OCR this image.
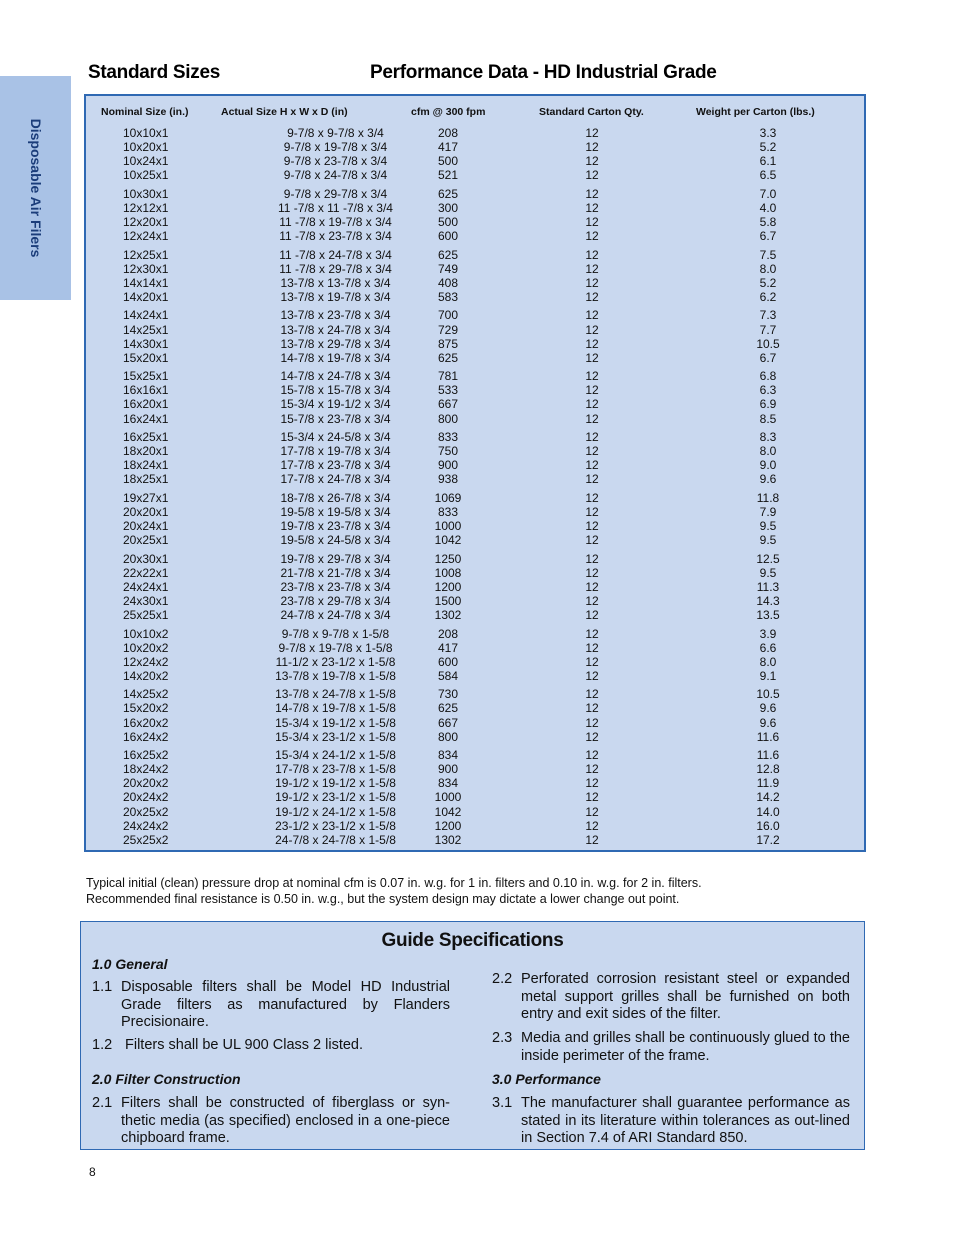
Disposable Air Filers
Standard Sizes	Performance Data - HD Industrial Grade
Nominal Size (in.)	Actual Size H x W x D (in)	cfm @ 300 fpm	Standard Carton Qty.	Weight per Carton (lbs.)
10x10x1	9-7/8 x 9-7/8 x 3/4	208	12	3.3
10x20x1	9-7/8 x 19-7/8 x 3/4	417	12	5.2
10x24x1	9-7/8 x 23-7/8 x 3/4	500	12	6.1
10x25x1	9-7/8 x 24-7/8 x 3/4	521	12	6.5
10x30x1	9-7/8 x 29-7/8 x 3/4	625	12	7.0
12x12x1	11 -7/8 x 11 -7/8 x 3/4	300	12	4.0
12x20x1	11 -7/8 x 19-7/8 x 3/4	500	12	5.8
12x24x1	11 -7/8 x 23-7/8 x 3/4	600	12	6.7
12x25x1	11 -7/8 x 24-7/8 x 3/4	625	12	7.5
12x30x1	11 -7/8 x 29-7/8 x 3/4	749	12	8.0
14x14x1	13-7/8 x 13-7/8 x 3/4	408	12	5.2
14x20x1	13-7/8 x 19-7/8 x 3/4	583	12	6.2
14x24x1	13-7/8 x 23-7/8 x 3/4	700	12	7.3
14x25x1	13-7/8 x 24-7/8 x 3/4	729	12	7.7
14x30x1	13-7/8 x 29-7/8 x 3/4	875	12	10.5
15x20x1	14-7/8 x 19-7/8 x 3/4	625	12	6.7
15x25x1	14-7/8 x 24-7/8 x 3/4	781	12	6.8
16x16x1	15-7/8 x 15-7/8 x 3/4	533	12	6.3
16x20x1	15-3/4 x 19-1/2 x 3/4	667	12	6.9
16x24x1	15-7/8 x 23-7/8 x 3/4	800	12	8.5
16x25x1	15-3/4 x 24-5/8 x 3/4	833	12	8.3
18x20x1	17-7/8 x 19-7/8 x 3/4	750	12	8.0
18x24x1	17-7/8 x 23-7/8 x 3/4	900	12	9.0
18x25x1	17-7/8 x 24-7/8 x 3/4	938	12	9.6
19x27x1	18-7/8 x 26-7/8 x 3/4	1069	12	11.8
20x20x1	19-5/8 x 19-5/8 x 3/4	833	12	7.9
20x24x1	19-7/8 x 23-7/8 x 3/4	1000	12	9.5
20x25x1	19-5/8 x 24-5/8 x 3/4	1042	12	9.5
20x30x1	19-7/8 x 29-7/8 x 3/4	1250	12	12.5
22x22x1	21-7/8 x 21-7/8 x 3/4	1008	12	9.5
24x24x1	23-7/8 x 23-7/8 x 3/4	1200	12	11.3
24x30x1	23-7/8 x 29-7/8 x 3/4	1500	12	14.3
25x25x1	24-7/8 x 24-7/8 x 3/4	1302	12	13.5
10x10x2	9-7/8 x 9-7/8 x 1-5/8	208	12	3.9
10x20x2	9-7/8 x 19-7/8 x 1-5/8	417	12	6.6
12x24x2	11-1/2 x 23-1/2 x 1-5/8	600	12	8.0
14x20x2	13-7/8 x 19-7/8 x 1-5/8	584	12	9.1
14x25x2	13-7/8 x 24-7/8 x 1-5/8	730	12	10.5
15x20x2	14-7/8 x 19-7/8 x 1-5/8	625	12	9.6
16x20x2	15-3/4 x 19-1/2 x 1-5/8	667	12	9.6
16x24x2	15-3/4 x 23-1/2 x 1-5/8	800	12	11.6
16x25x2	15-3/4 x 24-1/2 x 1-5/8	834	12	11.6
18x24x2	17-7/8 x 23-7/8 x 1-5/8	900	12	12.8
20x20x2	19-1/2 x 19-1/2 x 1-5/8	834	12	11.9
20x24x2	19-1/2 x 23-1/2 x 1-5/8	1000	12	14.2
20x25x2	19-1/2 x 24-1/2 x 1-5/8	1042	12	14.0
24x24x2	23-1/2 x 23-1/2 x 1-5/8	1200	12	16.0
25x25x2	24-7/8 x 24-7/8 x 1-5/8	1302	12	17.2
Typical initial (clean) pressure drop at nominal cfm is 0.07 in. w.g. for 1 in. filters and 0.10 in. w.g. for 2 in. filters.
Recommended final resistance is 0.50 in. w.g., but the system design may dictate a lower change out point.
Guide Specifications
1.0 General
1.1 Disposable filters shall be Model HD Industrial Grade filters as manufactured by Flanders Precisionaire.
1.2 Filters shall be UL 900 Class 2 listed.
2.0 Filter Construction
2.1 Filters shall be constructed of fiberglass or syn-thetic media (as specified) enclosed in a one-piece chipboard frame.
2.2 Perforated corrosion resistant steel or expanded metal support grilles shall be furnished on both entry and exit sides of the filter.
2.3 Media and grilles shall be continuously glued to the inside perimeter of the frame.
3.0 Performance
3.1 The manufacturer shall guarantee performance as stated in its literature within tolerances as out-lined in Section 7.4 of ARI Standard 850.
8
